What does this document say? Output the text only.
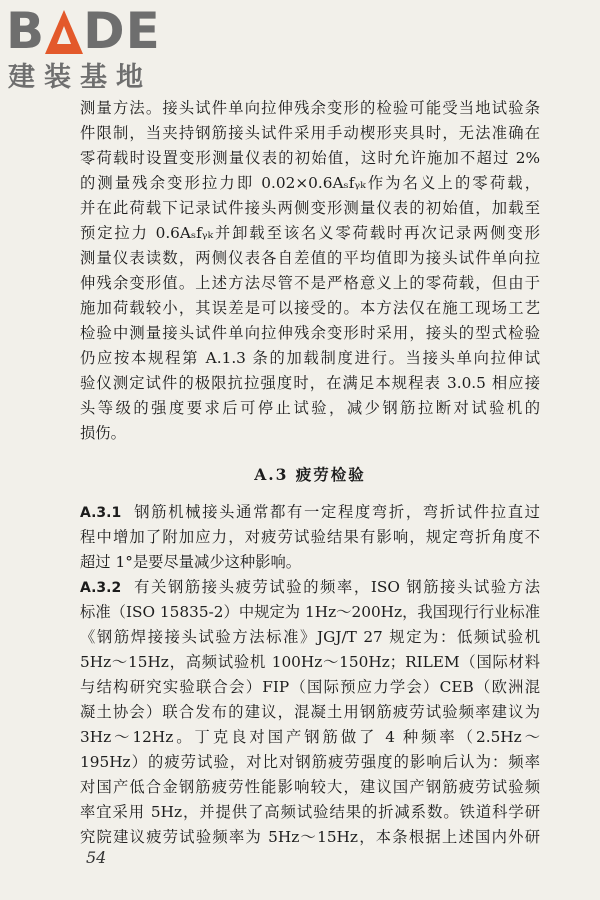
B DE
建装基地
测量方法。接头试件单向拉伸残余变形的检验可能受当地试验条
件限制，当夹持钢筋接头试件采用手动楔形夹具时，无法准确在
零荷载时设置变形测量仪表的初始值，这时允许施加不超过 2%
的测量残余变形拉力即 0.02×0.6Aₛfᵧₖ作为名义上的零荷载，
并在此荷载下记录试件接头两侧变形测量仪表的初始值，加载至
预定拉力 0.6Aₛfᵧₖ并卸载至该名义零荷载时再次记录两侧变形
测量仪表读数，两侧仪表各自差值的平均值即为接头试件单向拉
伸残余变形值。上述方法尽管不是严格意义上的零荷载，但由于
施加荷载较小，其误差是可以接受的。本方法仅在施工现场工艺
检验中测量接头试件单向拉伸残余变形时采用，接头的型式检验
仍应按本规程第 A.1.3 条的加载制度进行。当接头单向拉伸试
验仪测定试件的极限抗拉强度时，在满足本规程表 3.0.5 相应接
头等级的强度要求后可停止试验，减少钢筋拉断对试验机的
损伤。
A.3 疲劳检验
A.3.1 钢筋机械接头通常都有一定程度弯折，弯折试件拉直过
程中增加了附加应力，对疲劳试验结果有影响，规定弯折角度不
超过 1°是要尽量减少这种影响。
A.3.2 有关钢筋接头疲劳试验的频率，ISO 钢筋接头试验方法
标准（ISO 15835-2）中规定为 1Hz～200Hz，我国现行行业标准
《钢筋焊接接头试验方法标准》JGJ/T 27 规定为：低频试验机
5Hz～15Hz，高频试验机 100Hz～150Hz；RILEM（国际材料
与结构研究实验联合会）FIP（国际预应力学会）CEB（欧洲混
凝土协会）联合发布的建议，混凝土用钢筋疲劳试验频率建议为
3Hz～12Hz。丁克良对国产钢筋做了 4 种频率（2.5Hz～
195Hz）的疲劳试验，对比对钢筋疲劳强度的影响后认为：频率
对国产低合金钢筋疲劳性能影响较大，建议国产钢筋疲劳试验频
率宜采用 5Hz，并提供了高频试验结果的折减系数。铁道科学研
究院建议疲劳试验频率为 5Hz～15Hz，本条根据上述国内外研
54
